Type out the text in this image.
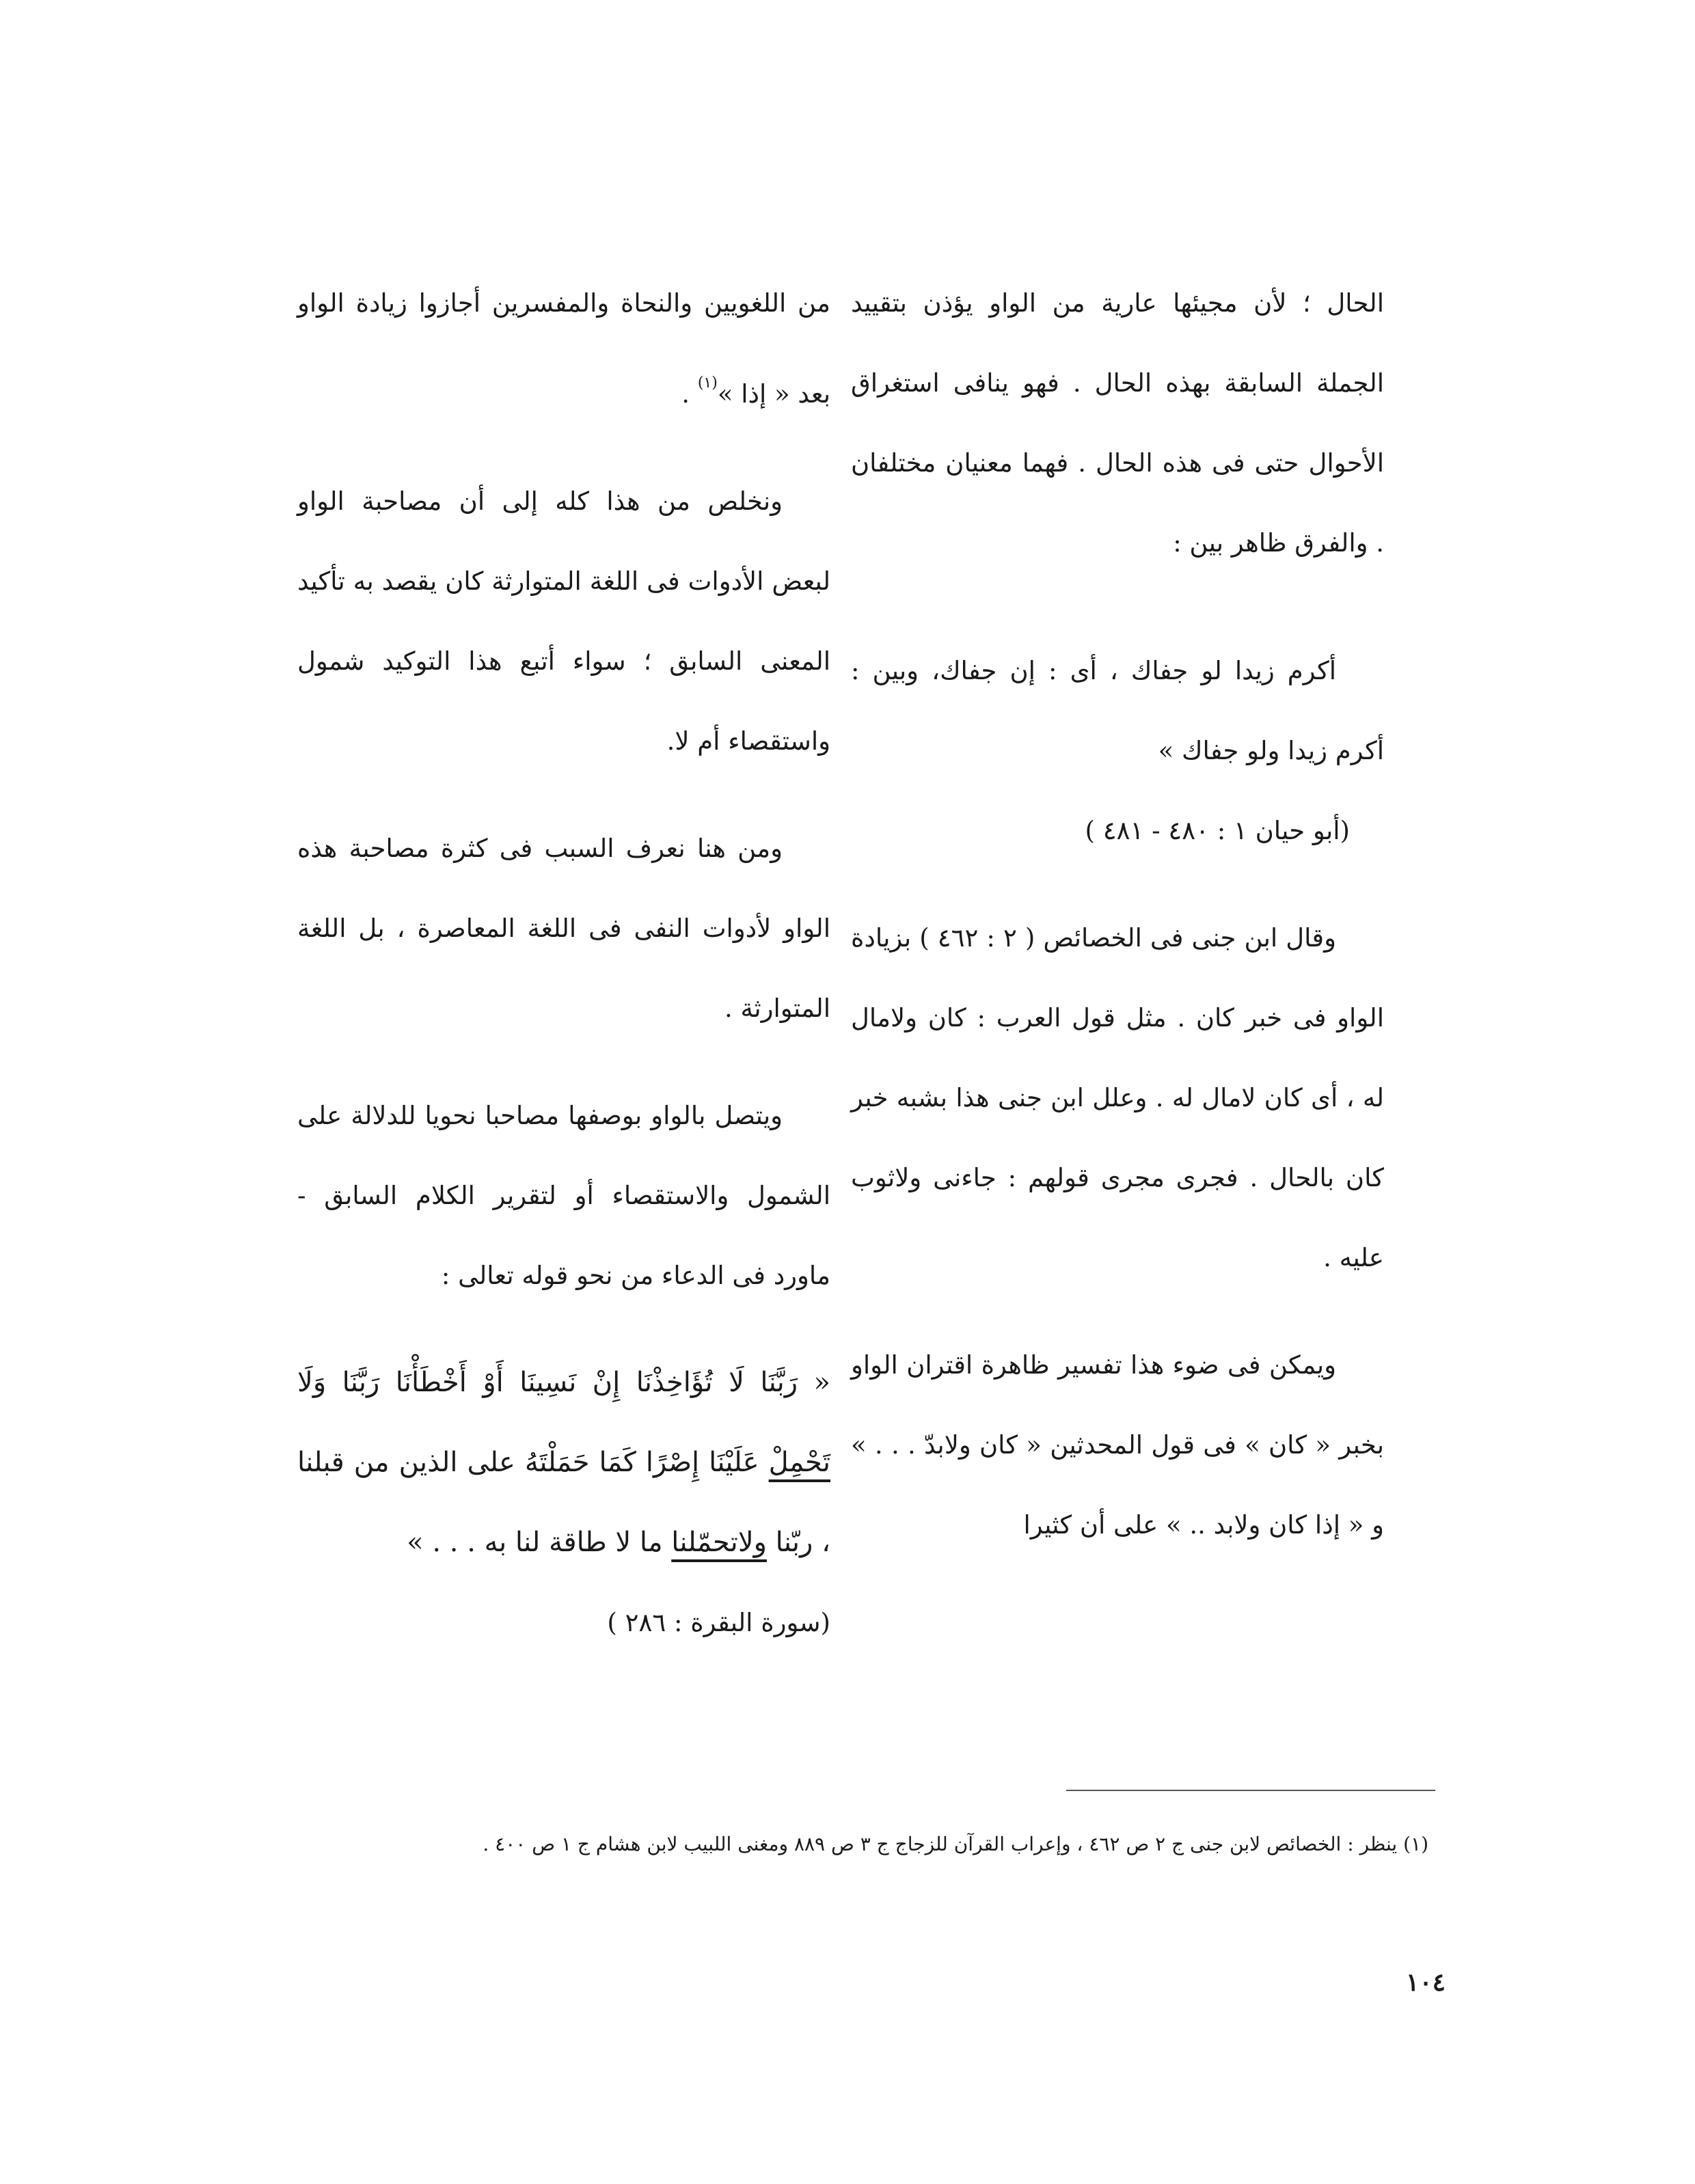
الحال ؛ لأن مجيئها عارية من الواو يؤذن بتقييد الجملة السابقة بهذه الحال . فهو ينافى استغراق الأحوال حتى فى هذه الحال . فهما معنيان مختلفان . والفرق ظاهر بين :

أكرم زيدا لو جفاك ، أى : إن جفاك، وبين : أكرم زيدا ولو جفاك »

(أبو حيان ١ : ٤٨٠ - ٤٨١ )

وقال ابن جنى فى الخصائص ( ٢ : ٤٦٢ ) بزيادة الواو فى خبر كان . مثل قول العرب : كان ولامال له ، أى كان لامال له . وعلل ابن جنى هذا بشبه خبر كان بالحال . فجرى مجرى قولهم : جاءنى ولاثوب عليه .

ويمكن فى ضوء هذا تفسير ظاهرة اقتران الواو بخبر « كان » فى قول المحدثين « كان ولابدّ . . . » و « إذا كان ولابد .. » على أن كثيرا

من اللغويين والنحاة والمفسرين أجازوا زيادة الواو بعد « إذا »$^{(١)}$ .

ونخلص من هذا كله إلى أن مصاحبة الواو لبعض الأدوات فى اللغة المتوارثة كان يقصد به تأكيد المعنى السابق ؛ سواء أتبع هذا التوكيد شمول واستقصاء أم لا.

ومن هنا نعرف السبب فى كثرة مصاحبة هذه الواو لأدوات النفى فى اللغة المعاصرة ، بل اللغة المتوارثة .

ويتصل بالواو بوصفها مصاحبا نحويا للدلالة على الشمول والاستقصاء أو لتقرير الكلام السابق - ماورد فى الدعاء من نحو قوله تعالى :

« رَبَّنَا لَا تُؤَاخِذْنَا إِنْ نَسِينَا أَوْ أَخْطَأْنَا رَبَّنَا وَلَا تَحْمِلْ عَلَيْنَا إِصْرًا كَمَا حَمَلْتَهُ على الذين من قبلنا ، ربّنا ولاتحمّلنا ما لا طاقة لنا به . . . »

(سورة البقرة : ٢٨٦ )

(١) ينظر : الخصائص لابن جنى ج ٢ ص ٤٦٢ ، وإعراب القرآن للزجاج ج ٣ ص ٨٨٩ ومغنى اللبيب لابن هشام ج ١ ص ٤٠٠ .

١٠٤
